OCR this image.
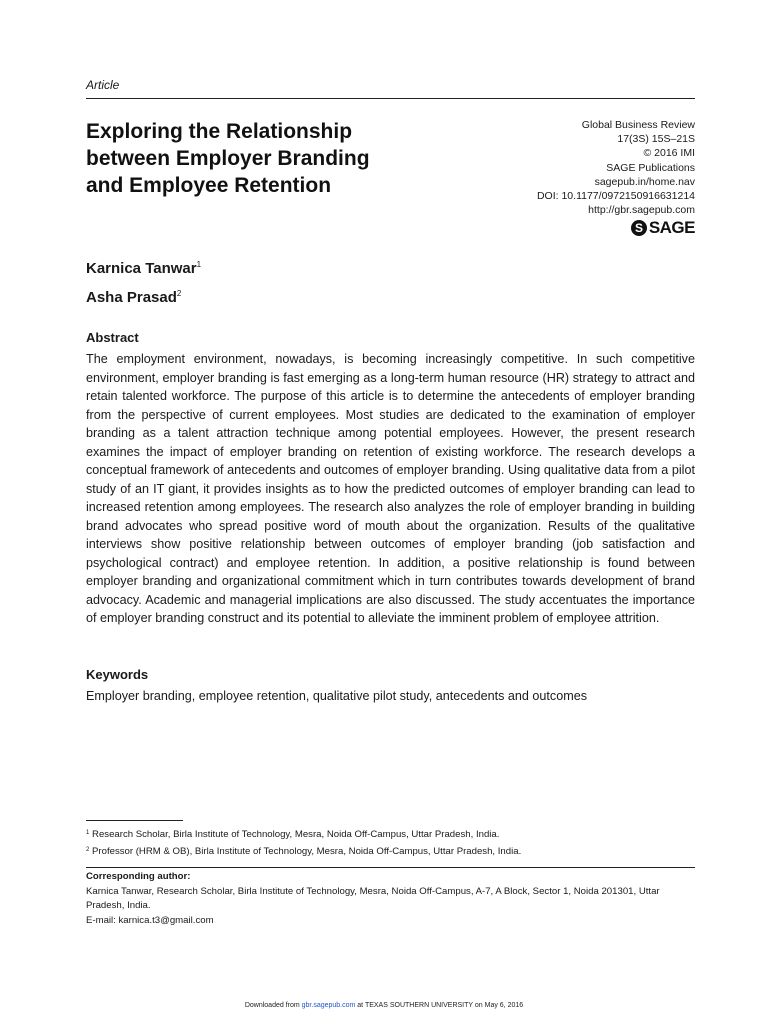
Article
Exploring the Relationship
between Employer Branding
and Employee Retention
Global Business Review
17(3S) 15S–21S
© 2016 IMI
SAGE Publications
sagepub.in/home.nav
DOI: 10.1177/0972150916631214
http://gbr.sagepub.com
S SAGE
Karnica Tanwar$^1$
Asha Prasad$^2$
Abstract
The employment environment, nowadays, is becoming increasingly competitive. In such competitive environment, employer branding is fast emerging as a long-term human resource (HR) strategy to attract and retain talented workforce. The purpose of this article is to determine the antecedents of employer branding from the perspective of current employees. Most studies are dedicated to the examination of employer branding as a talent attraction technique among potential employees. However, the present research examines the impact of employer branding on retention of existing workforce. The research develops a conceptual framework of antecedents and outcomes of employer branding. Using qualitative data from a pilot study of an IT giant, it provides insights as to how the predicted outcomes of employer branding can lead to increased retention among employees. The research also analyzes the role of employer branding in building brand advocates who spread positive word of mouth about the organization. Results of the qualitative interviews show positive relationship between outcomes of employer branding (job satisfaction and psychological contract) and employee retention. In addition, a positive relationship is found between employer branding and organizational commitment which in turn contributes towards development of brand advocacy. Academic and managerial implications are also discussed. The study accentuates the importance of employer branding construct and its potential to alleviate the imminent problem of employee attrition.
Keywords
Employer branding, employee retention, qualitative pilot study, antecedents and outcomes
$^1$ Research Scholar, Birla Institute of Technology, Mesra, Noida Off-Campus, Uttar Pradesh, India.
$^2$ Professor (HRM & OB), Birla Institute of Technology, Mesra, Noida Off-Campus, Uttar Pradesh, India.
Corresponding author:
Karnica Tanwar, Research Scholar, Birla Institute of Technology, Mesra, Noida Off-Campus, A-7, A Block, Sector 1, Noida 201301, Uttar Pradesh, India.
E-mail: karnica.t3@gmail.com
Downloaded from gbr.sagepub.com at TEXAS SOUTHERN UNIVERSITY on May 6, 2016
